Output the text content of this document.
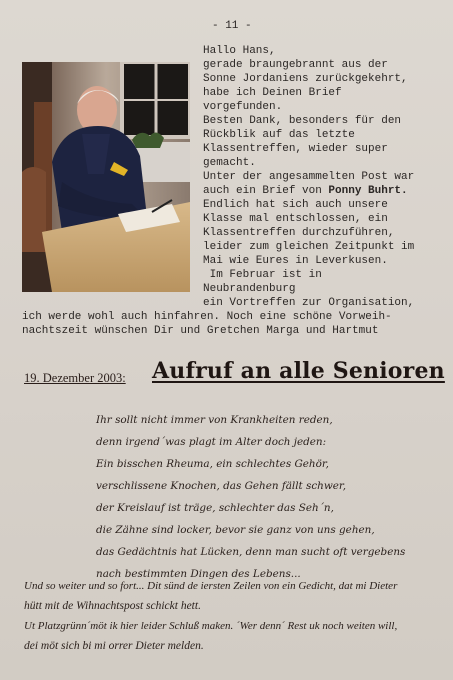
- 11 -
Hallo Hans,
gerade braungebrannt aus der
Sonne Jordaniens zurückgekehrt,
habe ich Deinen Brief
vorgefunden.
Besten Dank, besonders für den
Rückblik auf das letzte
Klassentreffen, wieder super
gemacht.
Unter der angesammelten Post war
auch ein Brief von Ponny Buhrt.
Endlich hat sich auch unsere
Klasse mal entschlossen, ein
Klassentreffen durchzuführen,
leider zum gleichen Zeitpunkt im
Mai wie Eures in Leverkusen.
Im Februar ist in
Neubrandenburg
ein Vortreffen zur Organisation,
ich werde wohl auch hinfahren. Noch eine schöne Vorweih-
nachtszeit wünschen Dir und Gretchen Marga und Hartmut
19. Dezember 2003: Aufruf an alle Senioren
Ihr sollt nicht immer von Krankheiten reden,
denn irgend´was plagt im Alter doch jeden:
Ein bisschen Rheuma, ein schlechtes Gehör,
verschlissene Knochen, das Gehen fällt schwer,
der Kreislauf ist träge, schlechter das Seh´n,
die Zähne sind locker, bevor sie ganz von uns gehen,
das Gedächtnis hat Lücken, denn man sucht oft vergebens
nach bestimmten Dingen des Lebens...
Und so weiter und so fort... Dit sünd de iersten Zeilen von ein Gedicht, dat mi Dieter
hütt mit de Wihnachtspost schickt hett.
Ut Platzgrünn´möt ik hier leider Schluß maken. ´Wer denn´ Rest uk noch weiten will,
dei möt sich bi mi orrer Dieter melden.
